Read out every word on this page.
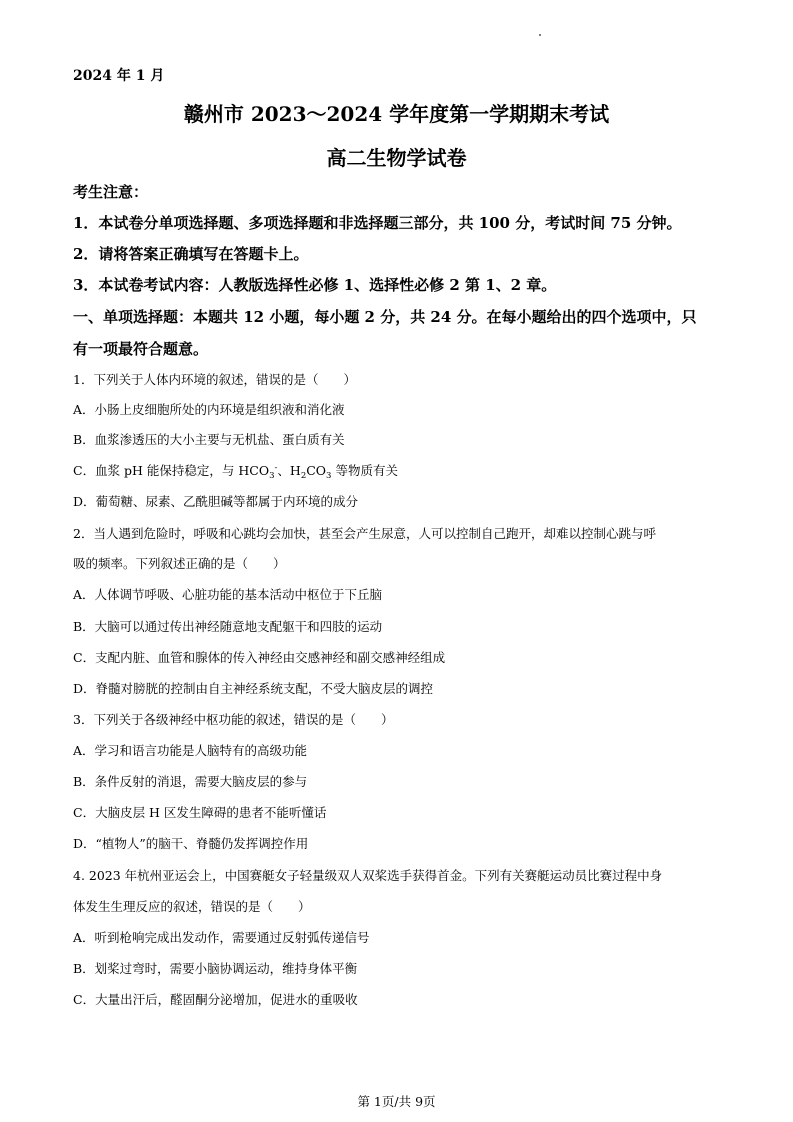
2024 年 1 月
赣州市 2023～2024 学年度第一学期期末考试
高二生物学试卷
考生注意：
1．本试卷分单项选择题、多项选择题和非选择题三部分，共 100 分，考试时间 75 分钟。
2．请将答案正确填写在答题卡上。
3．本试卷考试内容：人教版选择性必修 1、选择性必修 2 第 1、2 章。
一、单项选择题：本题共 12 小题，每小题 2 分，共 24 分。在每小题给出的四个选项中，只
有一项最符合题意。
1．下列关于人体内环境的叙述，错误的是（　　）
A．小肠上皮细胞所处的内环境是组织液和消化液
B．血浆渗透压的大小主要与无机盐、蛋白质有关
C．血浆 pH 能保持稳定，与 $HCO_3^-$、$H_2CO_3$ 等物质有关
D．葡萄糖、尿素、乙酰胆碱等都属于内环境的成分
2．当人遇到危险时，呼吸和心跳均会加快，甚至会产生尿意，人可以控制自己跑开，却难以控制心跳与呼
吸的频率。下列叙述正确的是（　　）
A．人体调节呼吸、心脏功能的基本活动中枢位于下丘脑
B．大脑可以通过传出神经随意地支配躯干和四肢的运动
C．支配内脏、血管和腺体的传入神经由交感神经和副交感神经组成
D．脊髓对膀胱的控制由自主神经系统支配，不受大脑皮层的调控
3．下列关于各级神经中枢功能的叙述，错误的是（　　）
A．学习和语言功能是人脑特有的高级功能
B．条件反射的消退，需要大脑皮层的参与
C．大脑皮层 H 区发生障碍的患者不能听懂话
D．“植物人”的脑干、脊髓仍发挥调控作用
4. 2023 年杭州亚运会上，中国赛艇女子轻量级双人双桨选手获得首金。下列有关赛艇运动员比赛过程中身
体发生生理反应的叙述，错误的是（　　）
A．听到枪响完成出发动作，需要通过反射弧传递信号
B．划桨过弯时，需要小脑协调运动，维持身体平衡
C．大量出汗后，醛固酮分泌增加，促进水的重吸收
第 1页/共 9页
